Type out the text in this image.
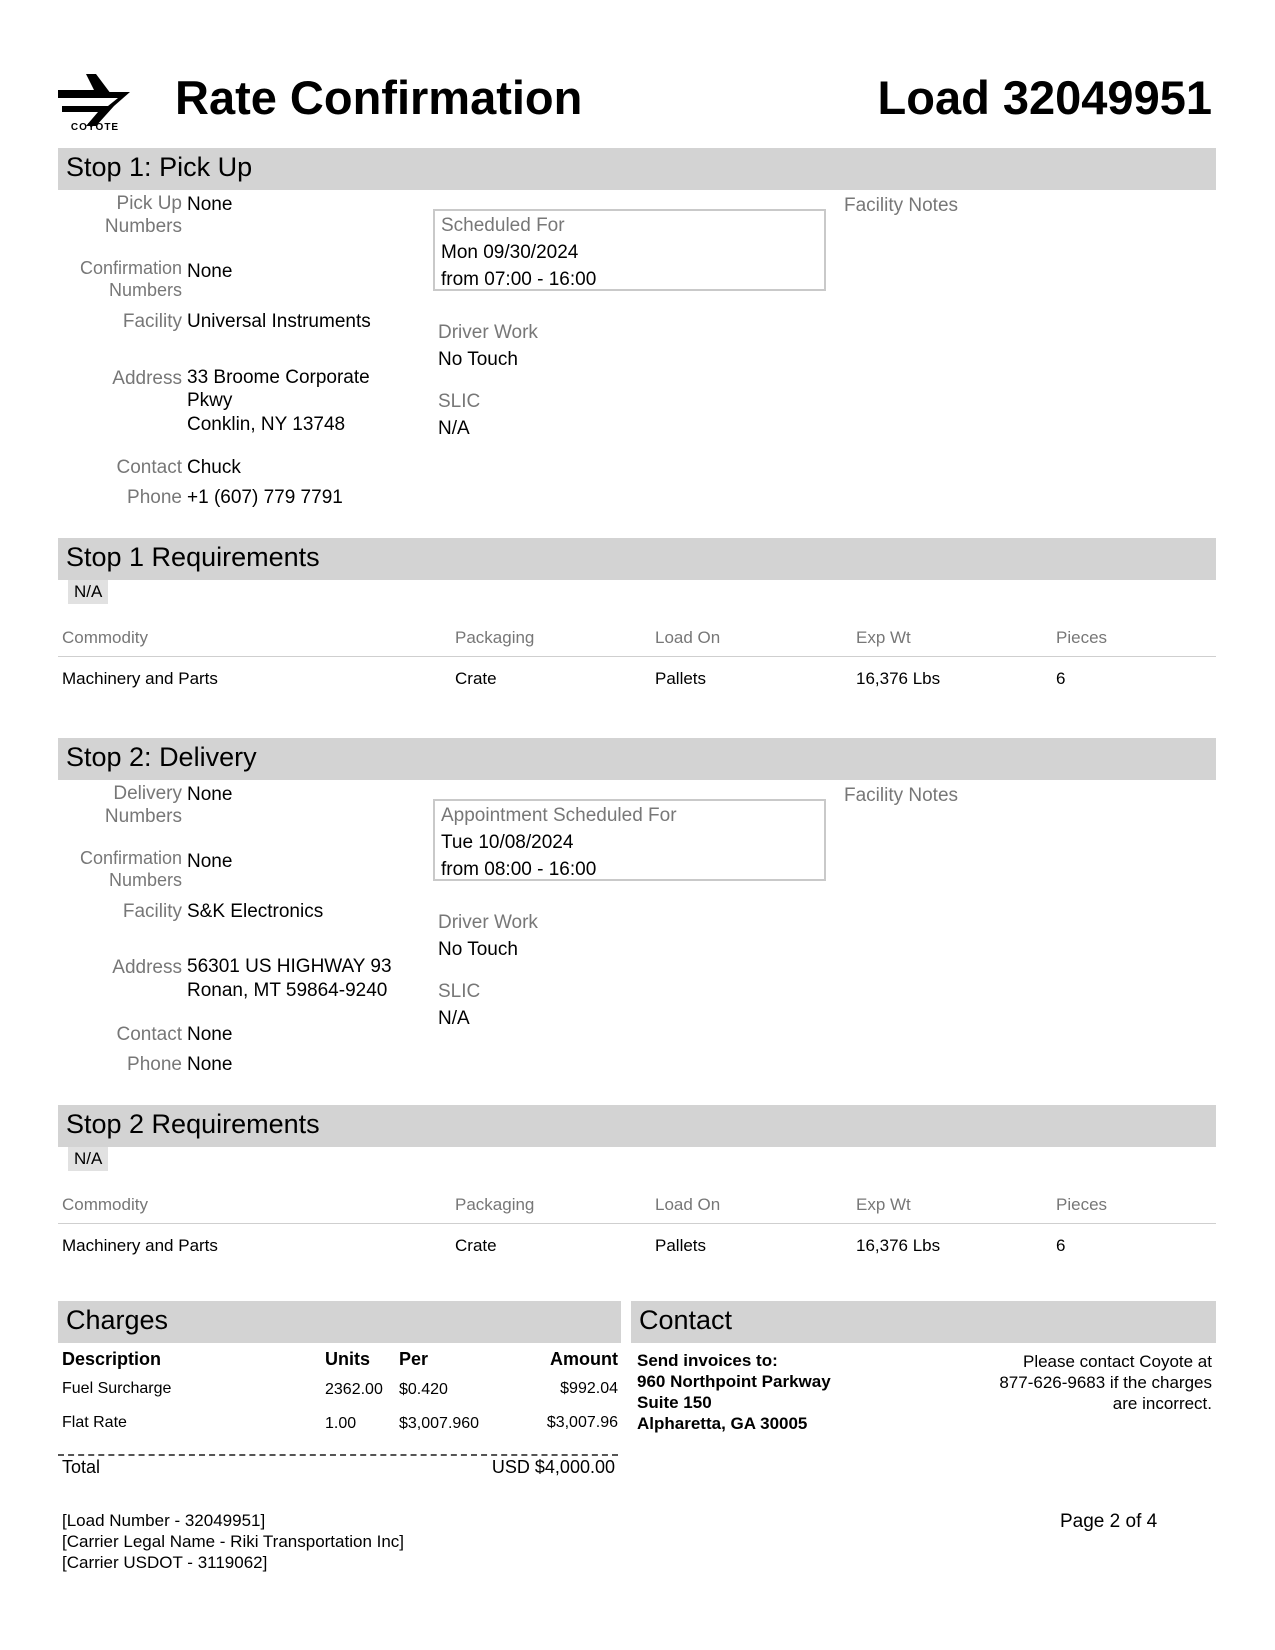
COYOTE
Rate Confirmation	Load 32049951
Stop 1: Pick Up
Pick Up Numbers
None
Confirmation Numbers
None
Facility Universal Instruments
Address 33 Broome Corporate
Pkwy
Conklin, NY 13748
Contact Chuck
Phone +1 (607) 779 7791
Scheduled For
Mon 09/30/2024
from 07:00 - 16:00
Driver Work
No Touch
SLIC
N/A
Facility Notes
Stop 1 Requirements
N/A
Commodity	Packaging	Load On	Exp Wt	Pieces
Machinery and Parts	Crate	Pallets	16,376 Lbs	6
Stop 2: Delivery
Delivery Numbers
None
Confirmation Numbers
None
Facility S&K Electronics
Address 56301 US HIGHWAY 93
Ronan, MT 59864-9240
Contact None
Phone None
Appointment Scheduled For
Tue 10/08/2024
from 08:00 - 16:00
Driver Work
No Touch
SLIC
N/A
Facility Notes
Stop 2 Requirements
N/A
Commodity	Packaging	Load On	Exp Wt	Pieces
Machinery and Parts	Crate	Pallets	16,376 Lbs	6
Charges
Description	Units Per	Amount
Fuel Surcharge	2362.00 $0.420	$992.04
Flat Rate	1.00	$3,007.960	$3,007.96
Total	USD $4,000.00
Contact
Send invoices to:
960 Northpoint Parkway
Suite 150
Alpharetta, GA 30005
Please contact Coyote at 877-626-9683 if the charges are incorrect.
[Load Number - 32049951]
[Carrier Legal Name - Riki Transportation Inc]
[Carrier USDOT - 3119062]
Page 2 of 4
